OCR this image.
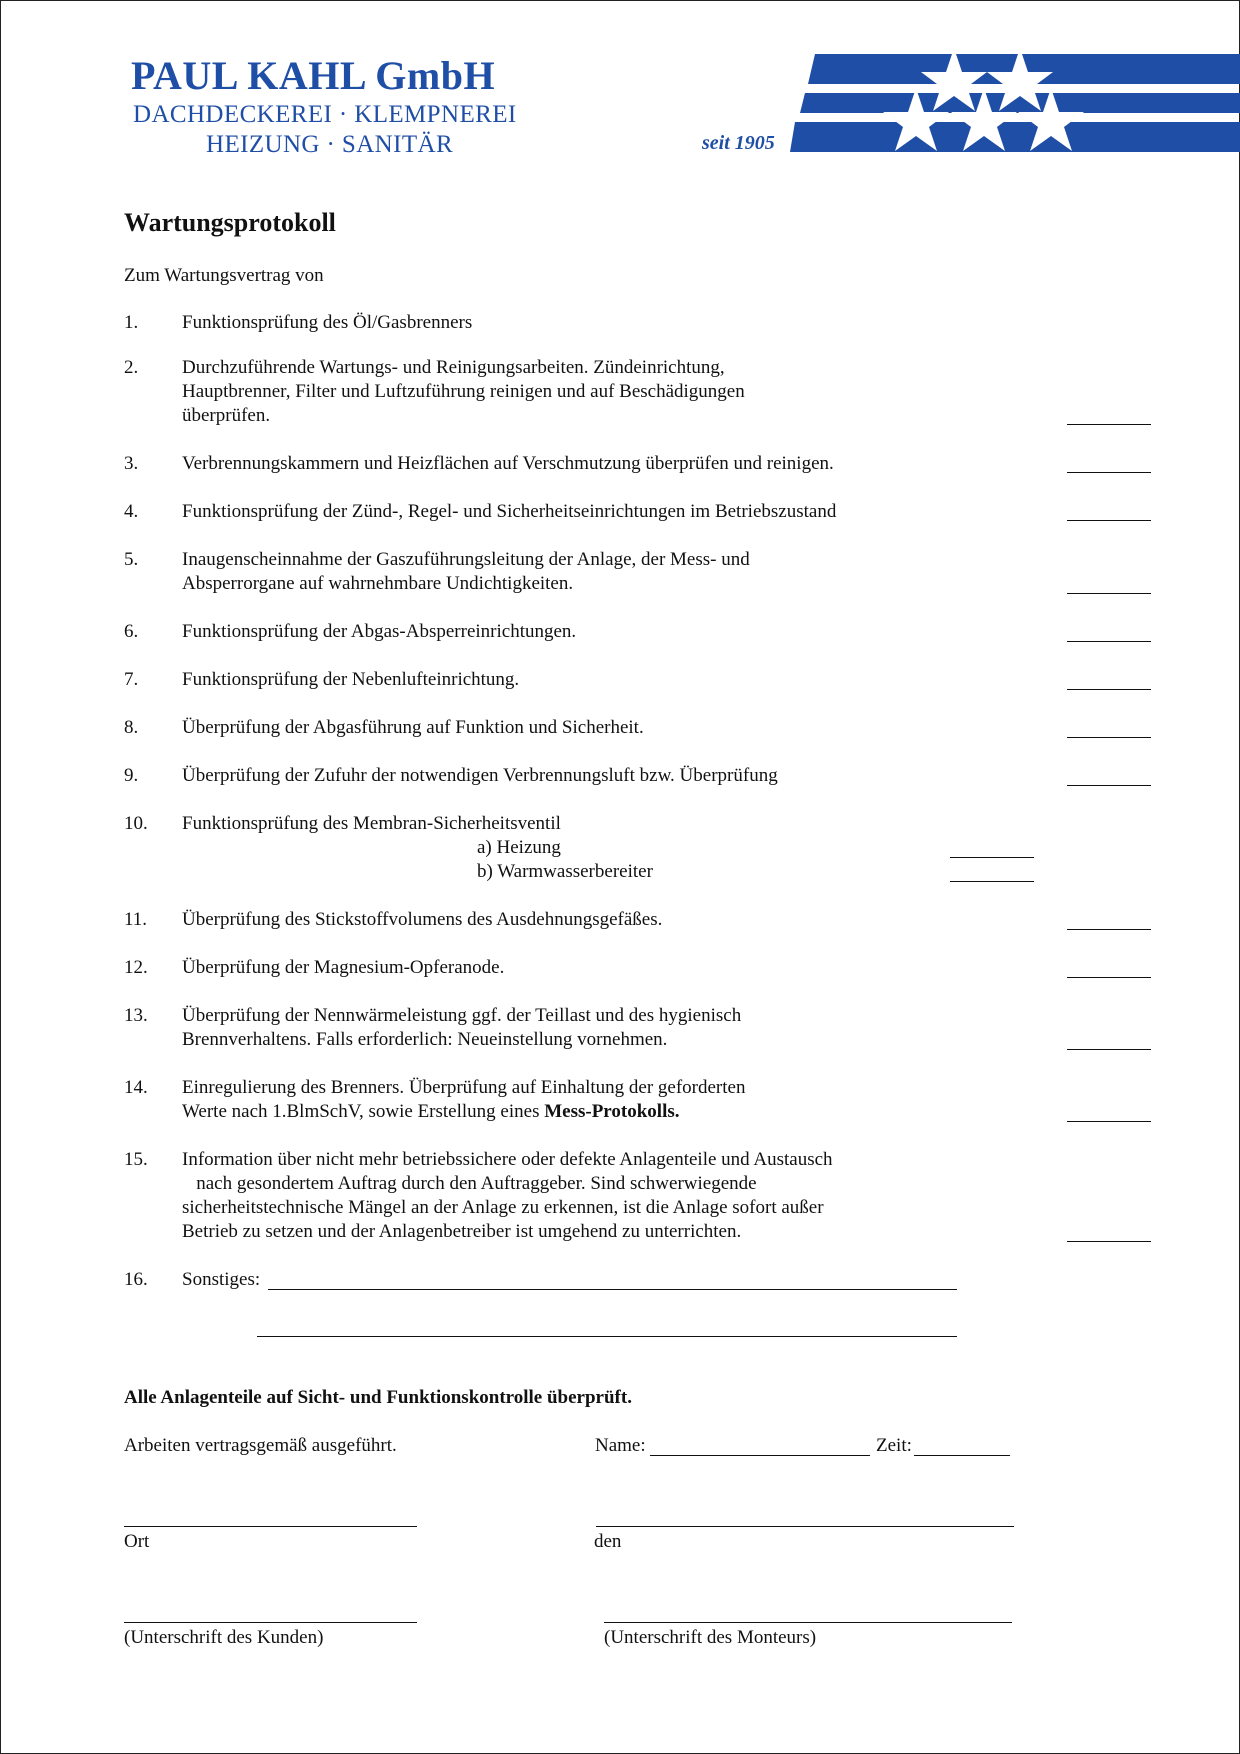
PAUL KAHL GmbH
DACHDECKEREI · KLEMPNEREI
HEIZUNG · SANITÄR	seit 1905
Wartungsprotokoll
Zum Wartungsvertrag von
1. Funktionsprüfung des Öl/Gasbrenners
2. Durchzuführende Wartungs- und Reinigungsarbeiten. Zündeinrichtung,
Hauptbrenner, Filter und Luftzuführung reinigen und auf Beschädigungen
überprüfen.
3. Verbrennungskammern und Heizflächen auf Verschmutzung überprüfen und reinigen.
4. Funktionsprüfung der Zünd-, Regel- und Sicherheitseinrichtungen im Betriebszustand
5. Inaugenscheinnahme der Gaszuführungsleitung der Anlage, der Mess- und
Absperrorgane auf wahrnehmbare Undichtigkeiten.
6. Funktionsprüfung der Abgas-Absperreinrichtungen.
7. Funktionsprüfung der Nebenlufteinrichtung.
8. Überprüfung der Abgasführung auf Funktion und Sicherheit.
9. Überprüfung der Zufuhr der notwendigen Verbrennungsluft bzw. Überprüfung
10. Funktionsprüfung des Membran-Sicherheitsventil
a) Heizung
b) Warmwasserbereiter
11. Überprüfung des Stickstoffvolumens des Ausdehnungsgefäßes.
12. Überprüfung der Magnesium-Opferanode.
13. Überprüfung der Nennwärmeleistung ggf. der Teillast und des hygienisch
Brennverhaltens. Falls erforderlich: Neueinstellung vornehmen.
14. Einregulierung des Brenners. Überprüfung auf Einhaltung der geforderten
Werte nach 1.BlmSchV, sowie Erstellung eines Mess-Protokolls.
15. Information über nicht mehr betriebssichere oder defekte Anlagenteile und Austausch
nach gesondertem Auftrag durch den Auftraggeber. Sind schwerwiegende
sicherheitstechnische Mängel an der Anlage zu erkennen, ist die Anlage sofort außer
Betrieb zu setzen und der Anlagenbetreiber ist umgehend zu unterrichten.
16. Sonstiges:
Alle Anlagenteile auf Sicht- und Funktionskontrolle überprüft.
Arbeiten vertragsgemäß ausgeführt.	Name:	Zeit:
Ort	den
(Unterschrift des Kunden)	(Unterschrift des Monteurs)
